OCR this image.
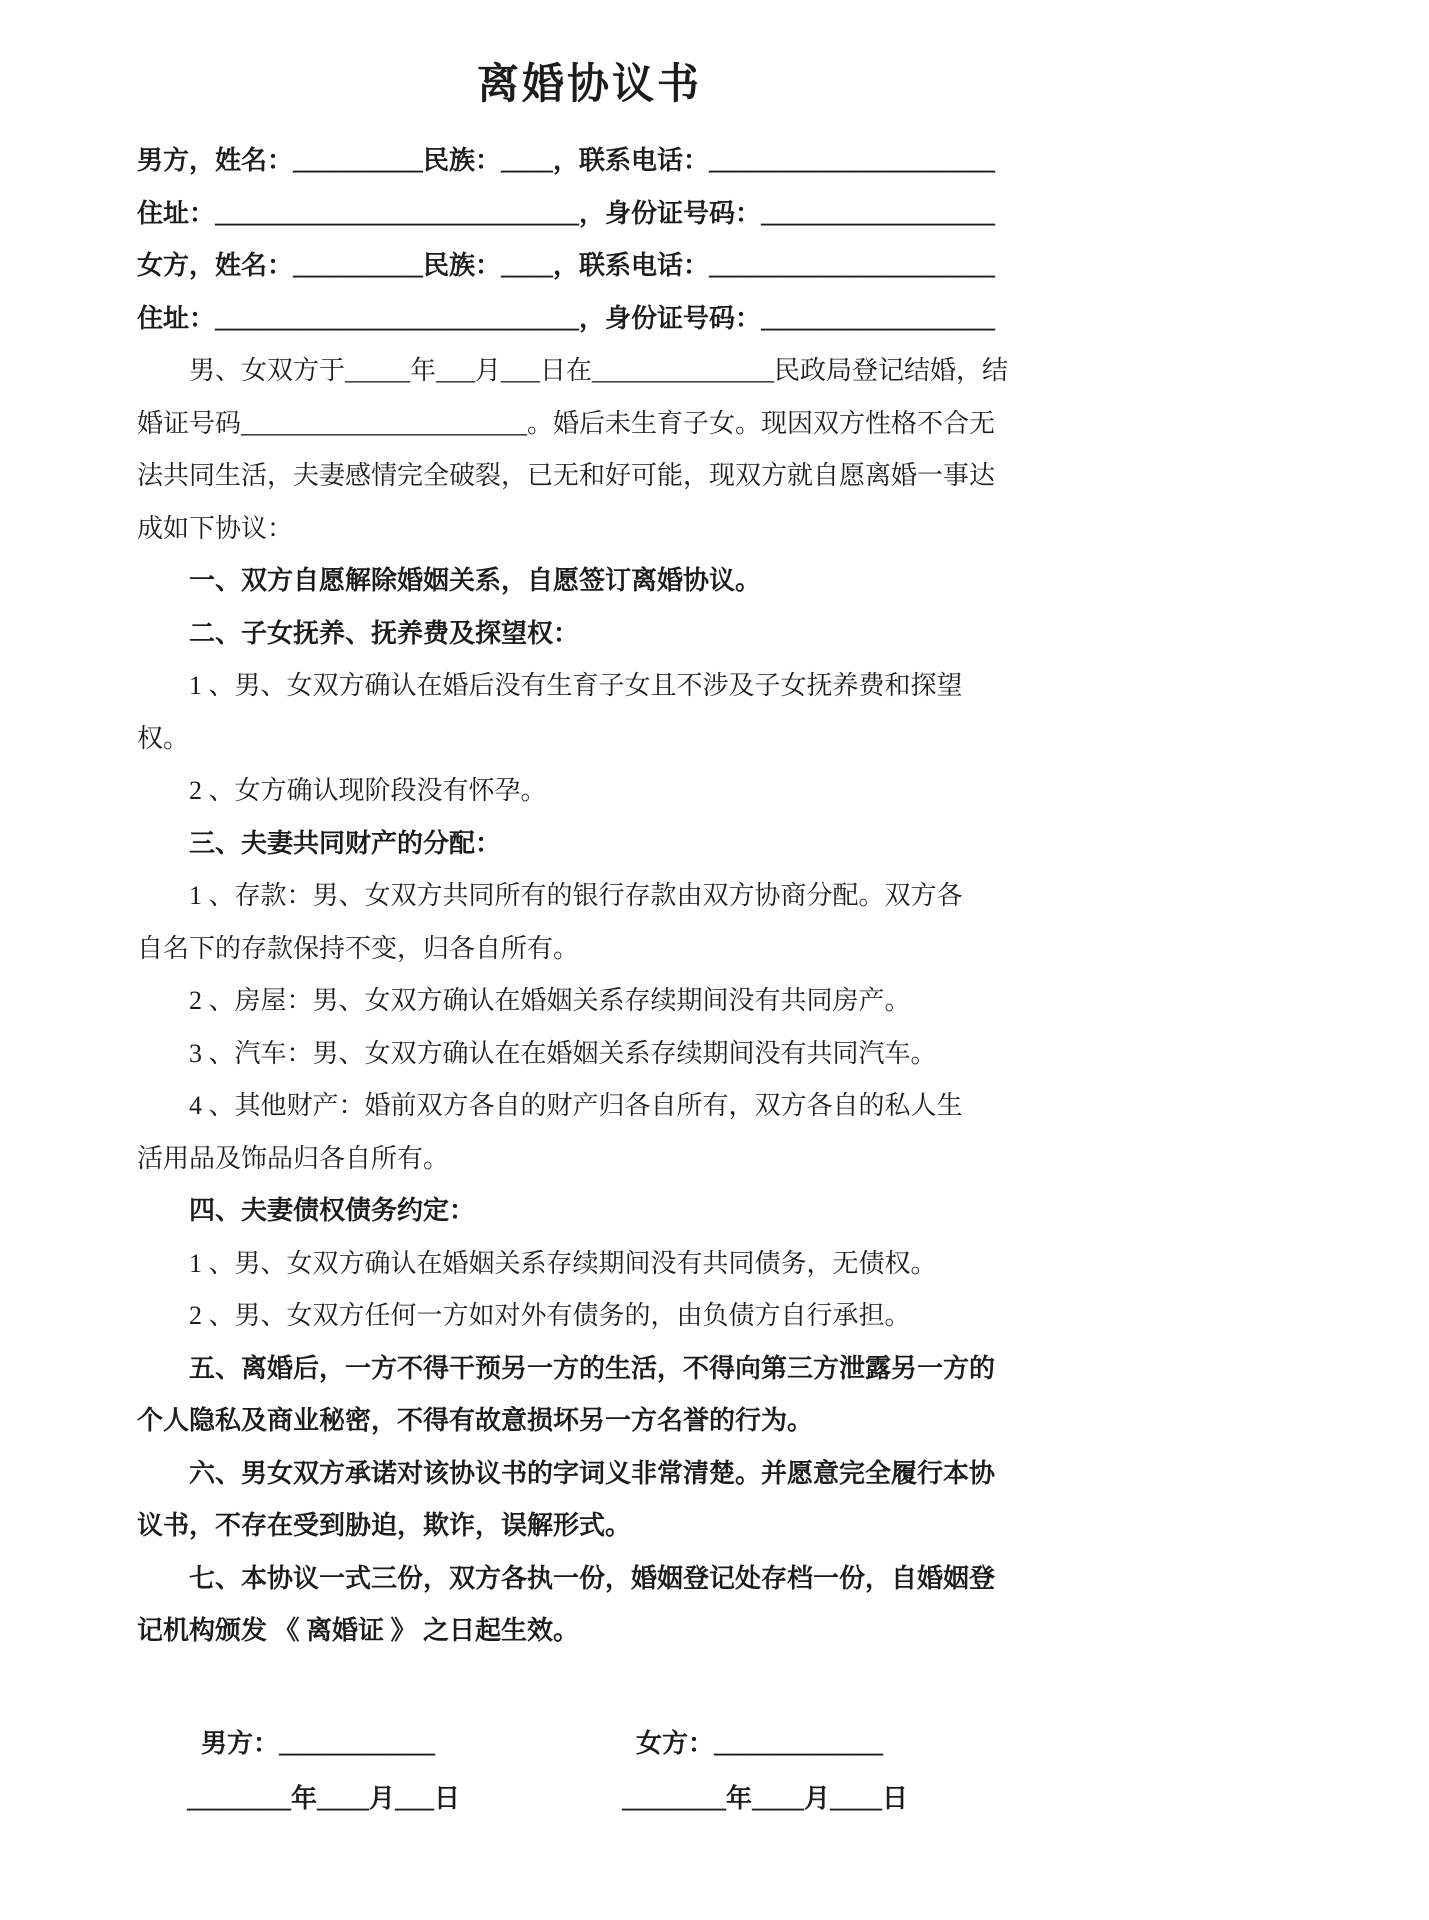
离婚协议书
男方，姓名：__________民族：____，联系电话：______________________
住址：____________________________，身份证号码：__________________
女方，姓名：__________民族：____，联系电话：______________________
住址：____________________________，身份证号码：__________________
男、女双方于_____年___月___日在______________民政局登记结婚，结
婚证号码______________________。婚后未生育子女。现因双方性格不合无
法共同生活，夫妻感情完全破裂，已无和好可能，现双方就自愿离婚一事达
成如下协议：
一、双方自愿解除婚姻关系，自愿签订离婚协议。
二、子女抚养、抚养费及探望权：
1 、男、女双方确认在婚后没有生育子女且不涉及子女抚养费和探望
权。
2 、女方确认现阶段没有怀孕。
三、夫妻共同财产的分配：
1 、存款：男、女双方共同所有的银行存款由双方协商分配。双方各
自名下的存款保持不变，归各自所有。
2 、房屋：男、女双方确认在婚姻关系存续期间没有共同房产。
3 、汽车：男、女双方确认在在婚姻关系存续期间没有共同汽车。
4 、其他财产：婚前双方各自的财产归各自所有，双方各自的私人生
活用品及饰品归各自所有。
四、夫妻债权债务约定：
1 、男、女双方确认在婚姻关系存续期间没有共同债务，无债权。
2 、男、女双方任何一方如对外有债务的，由负债方自行承担。
五、离婚后，一方不得干预另一方的生活，不得向第三方泄露另一方的
个人隐私及商业秘密，不得有故意损坏另一方名誉的行为。
六、男女双方承诺对该协议书的字词义非常清楚。并愿意完全履行本协
议书，不存在受到胁迫，欺诈，误解形式。
七、本协议一式三份，双方各执一份，婚姻登记处存档一份，自婚姻登
记机构颁发 《 离婚证 》 之日起生效。
男方：____________
________年____月___日
女方：_____________
________年____月____日
